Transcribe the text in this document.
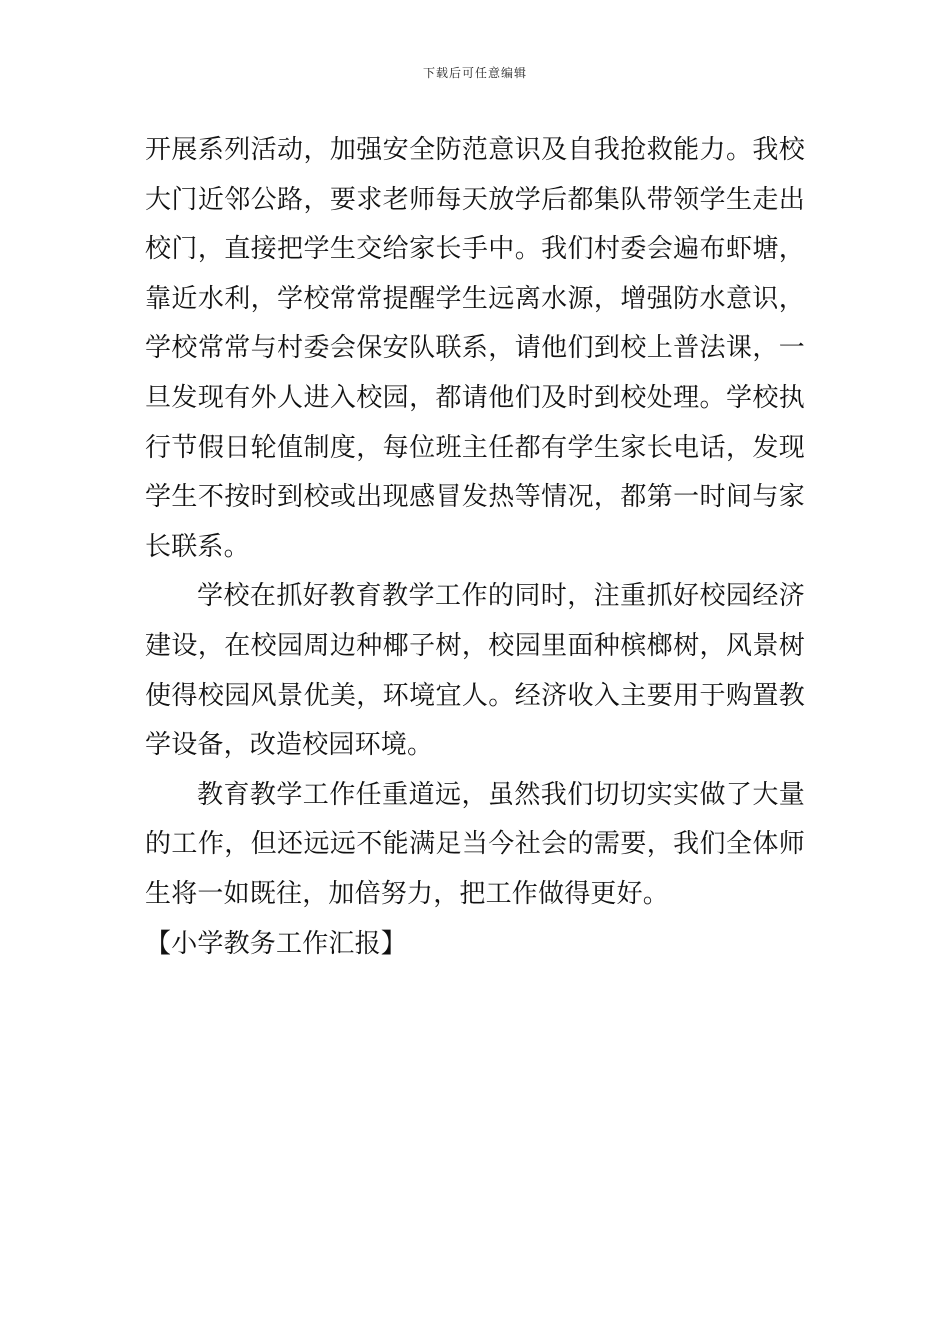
下载后可任意编辑
开展系列活动，加强安全防范意识及自我抢救能力。我校
大门近邻公路，要求老师每天放学后都集队带领学生走出
校门，直接把学生交给家长手中。我们村委会遍布虾塘，
靠近水利，学校常常提醒学生远离水源，增强防水意识，
学校常常与村委会保安队联系，请他们到校上普法课，一
旦发现有外人进入校园，都请他们及时到校处理。学校执
行节假日轮值制度，每位班主任都有学生家长电话，发现
学生不按时到校或出现感冒发热等情况，都第一时间与家
长联系。
学校在抓好教育教学工作的同时，注重抓好校园经济
建设，在校园周边种椰子树，校园里面种槟榔树，风景树
使得校园风景优美，环境宜人。经济收入主要用于购置教
学设备，改造校园环境。
教育教学工作任重道远，虽然我们切切实实做了大量
的工作，但还远远不能满足当今社会的需要，我们全体师
生将一如既往，加倍努力，把工作做得更好。
【小学教务工作汇报】
